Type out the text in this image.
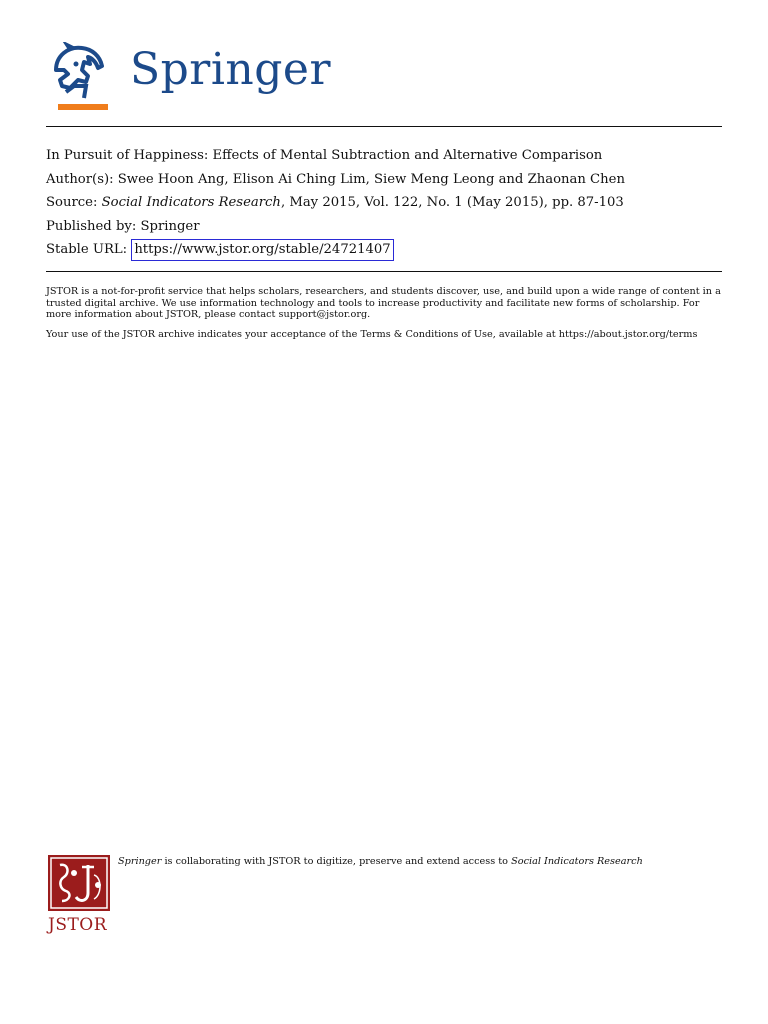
Springer
In Pursuit of Happiness: Effects of Mental Subtraction and Alternative Comparison
Author(s): Swee Hoon Ang, Elison Ai Ching Lim, Siew Meng Leong and Zhaonan Chen
Source: Social Indicators Research, May 2015, Vol. 122, No. 1 (May 2015), pp. 87-103
Published by: Springer
Stable URL: https://www.jstor.org/stable/24721407

JSTOR is a not-for-profit service that helps scholars, researchers, and students discover, use, and build upon a wide range of content in a trusted digital archive. We use information technology and tools to increase productivity and facilitate new forms of scholarship. For more information about JSTOR, please contact support@jstor.org.

Your use of the JSTOR archive indicates your acceptance of the Terms & Conditions of Use, available at https://about.jstor.org/terms

JSTOR
Springer is collaborating with JSTOR to digitize, preserve and extend access to Social Indicators Research
